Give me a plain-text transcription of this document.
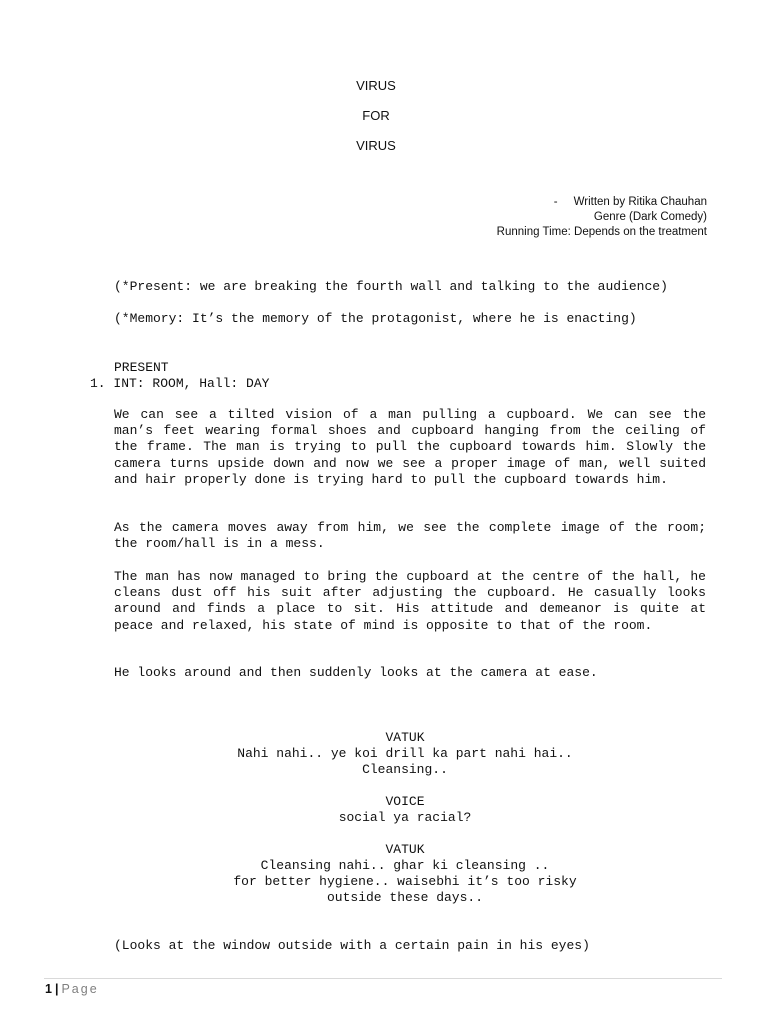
VIRUS
FOR
VIRUS
- Written by Ritika Chauhan
Genre (Dark Comedy)
Running Time: Depends on the treatment
(*Present: we are breaking the fourth wall and talking to the audience)
(*Memory: It’s the memory of the protagonist, where he is enacting)
PRESENT
1. INT: ROOM, Hall: DAY
We can see a tilted vision of a man pulling a cupboard. We can see the man’s feet wearing formal shoes and cupboard hanging from the ceiling of the frame. The man is trying to pull the cupboard towards him. Slowly the camera turns upside down and now we see a proper image of man, well suited and hair properly done is trying hard to pull the cupboard towards him.
As the camera moves away from him, we see the complete image of the room; the room/hall is in a mess.
The man has now managed to bring the cupboard at the centre of the hall, he cleans dust off his suit after adjusting the cupboard. He casually looks around and finds a place to sit. His attitude and demeanor is quite at peace and relaxed, his state of mind is opposite to that of the room.
He looks around and then suddenly looks at the camera at ease.
VATUK
Nahi nahi.. ye koi drill ka part nahi hai..
Cleansing..
VOICE
social ya racial?
VATUK
Cleansing nahi.. ghar ki cleansing ..
for better hygiene.. waisebhi it’s too risky
outside these days..
(Looks at the window outside with a certain pain in his eyes)
1 | Page
